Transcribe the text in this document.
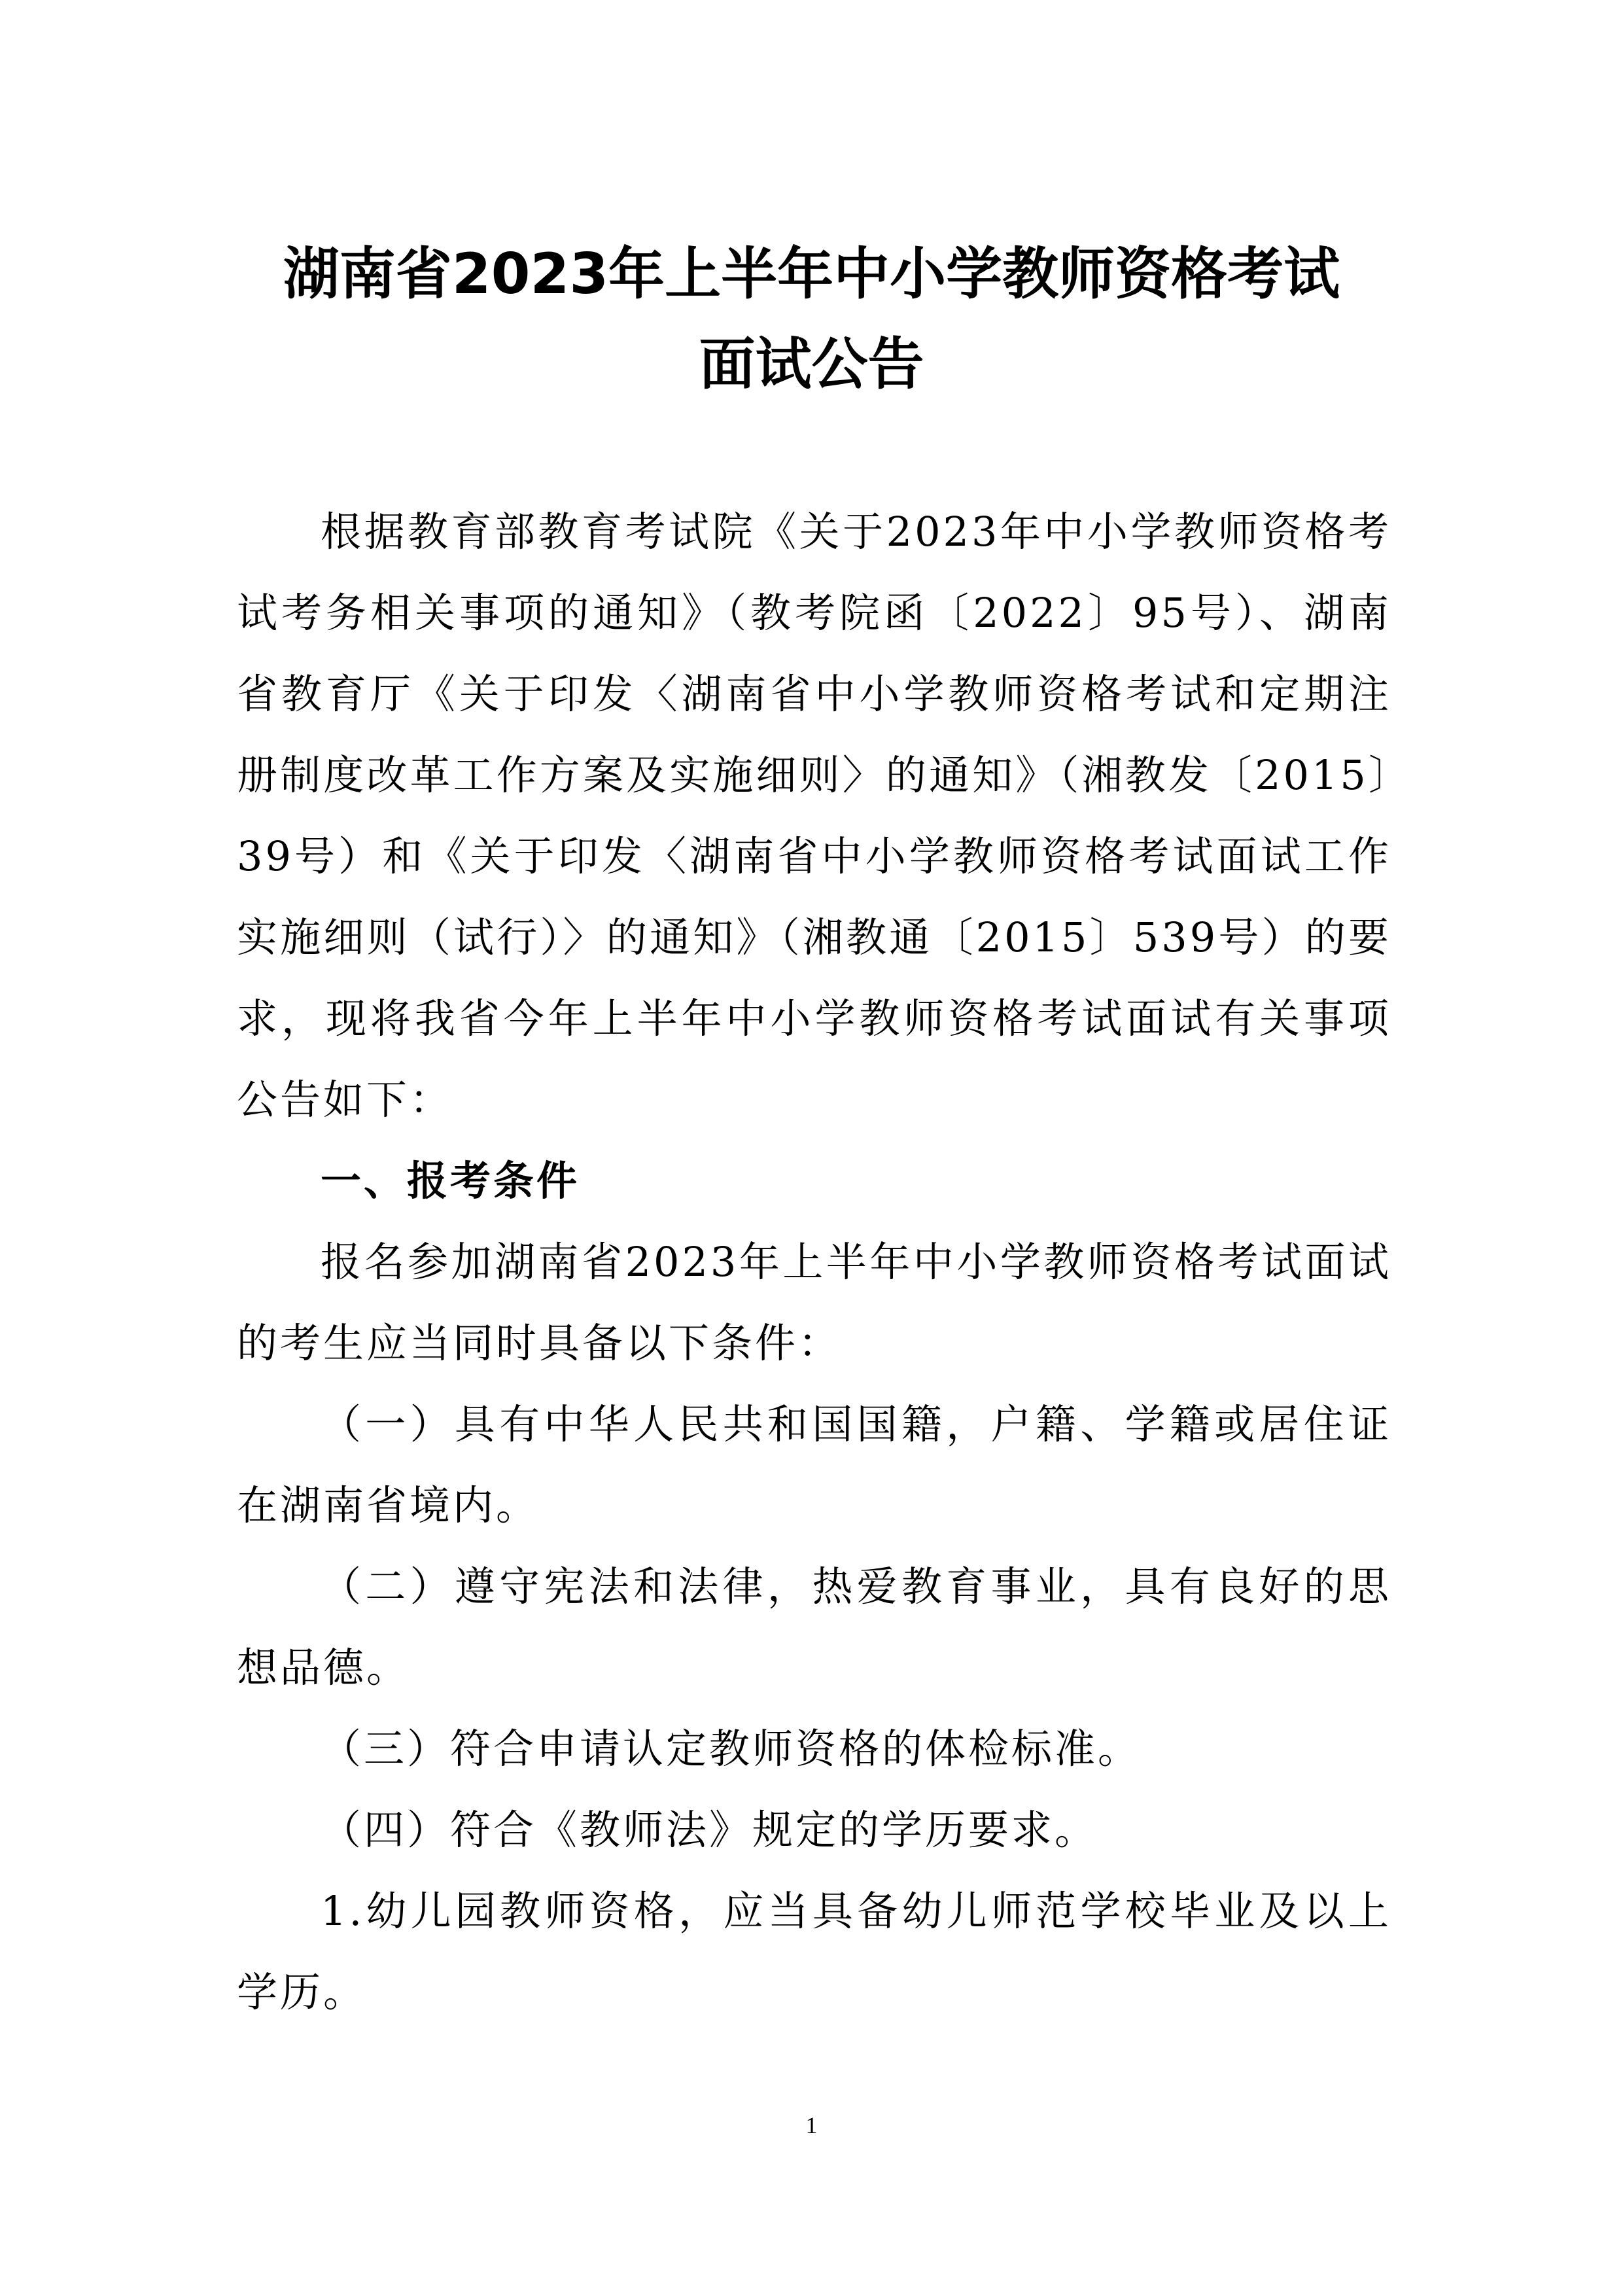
湖南省2023年上半年中小学教师资格考试
面试公告

根据教育部教育考试院《关于2023年中小学教师资格考试考务相关事项的通知》（教考院函〔2022〕95号）、湖南省教育厅《关于印发〈湖南省中小学教师资格考试和定期注册制度改革工作方案及实施细则〉的通知》（湘教发〔2015〕39号）和《关于印发〈湖南省中小学教师资格考试面试工作实施细则（试行）〉的通知》（湘教通〔2015〕539号）的要求，现将我省今年上半年中小学教师资格考试面试有关事项公告如下：

一、报考条件

报名参加湖南省2023年上半年中小学教师资格考试面试的考生应当同时具备以下条件：

（一）具有中华人民共和国国籍，户籍、学籍或居住证在湖南省境内。

（二）遵守宪法和法律，热爱教育事业，具有良好的思想品德。

（三）符合申请认定教师资格的体检标准。

（四）符合《教师法》规定的学历要求。

1.幼儿园教师资格，应当具备幼儿师范学校毕业及以上学历。

1
